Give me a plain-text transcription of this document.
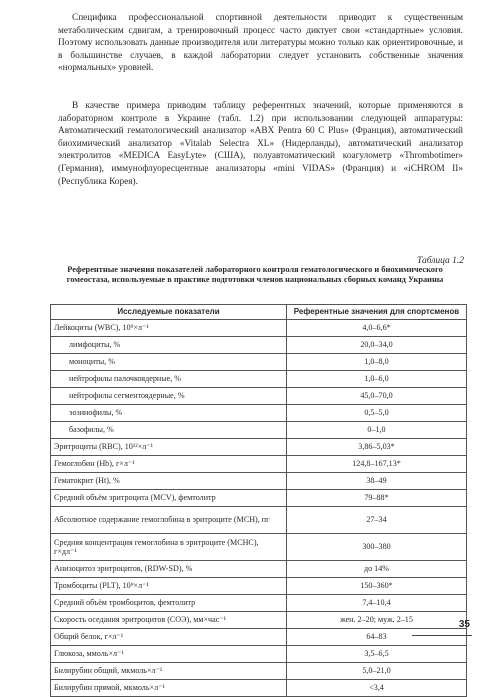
Специфика профессиональной спортивной деятельности приводит к существенным метаболическим сдвигам, а тренировочный процесс часто диктует свои «стандартные» условия. Поэтому использовать данные производителя или литературы можно только как ориентировочные, и в большинстве случаев, в каждой лаборатории следует установить собственные значения «нормальных» уровней.

В качестве примера приводим таблицу референтных значений, которые применяются в лабораторном контроле в Украине (табл. 1.2) при использовании следующей аппаратуры: Автоматический гематологический анализатор «ABX Pentra 60 C Plus» (Франция), автоматический биохимический анализатор «Vitalab Selectra XL» (Нидерланды), автоматический анализатор электролитов «MEDICA EasyLyte» (США), полуавтоматический коагулометр «Thrombotimer» (Германия), иммунофлуоресцентные анализаторы «mini VIDAS» (Франция) и «iCHROM II» (Республика Корея).

Таблица 1.2
Референтные значения показателей лабораторного контроля гематологического и биохимического гомеостаза, используемые в практике подготовки членов национальных сборных команд Украины
Исследуемые показатели	Референтные значения для спортсменов
Лейкоциты (WBC), 10⁹×л⁻¹	4,0–6,6*
лимфоциты, %	20,0–34,0
моноциты, %	1,0–8,0
нейтрофилы палочкоядерные, %	1,0–6,0
нейтрофилы сегментоядерные, %	45,0–70,0
эозинофилы, %	0,5–5,0
базофилы, %	0–1,0
Эритроциты (RBC), 10¹²×л⁻¹	3,86–5,03*
Гемоглобин (Hb), г×л⁻¹	124,8–167,13*
Гематокрит (Ht), %	38–49
Средний объём эритроцита (MCV), фемтолитр	79–88*
Абсолютное содержание гемоглобина в эритроците (MCH), пг	27–34
Средняя концентрация гемоглобина в эритроците (MCHC), г×дл⁻¹	300–380
Анизоцитоз эритроцитов, (RDW-SD), %	до 14%
Тромбоциты (PLT), 10⁹×л⁻¹	150–360*
Средний объём тромбоцитов, фемтолитр	7,4–10,4
Скорость оседания эритроцитов (СОЭ), мм×час⁻¹	жен. 2–20; муж. 2–15
Общий белок, г×л⁻¹	64–83
Глюкоза, ммоль×л⁻¹	3,5–6,5
Билирубин общий, мкмоль×л⁻¹	5,0–21,0
Билирубин прямой, мкмоль×л⁻¹	<3,4
35
